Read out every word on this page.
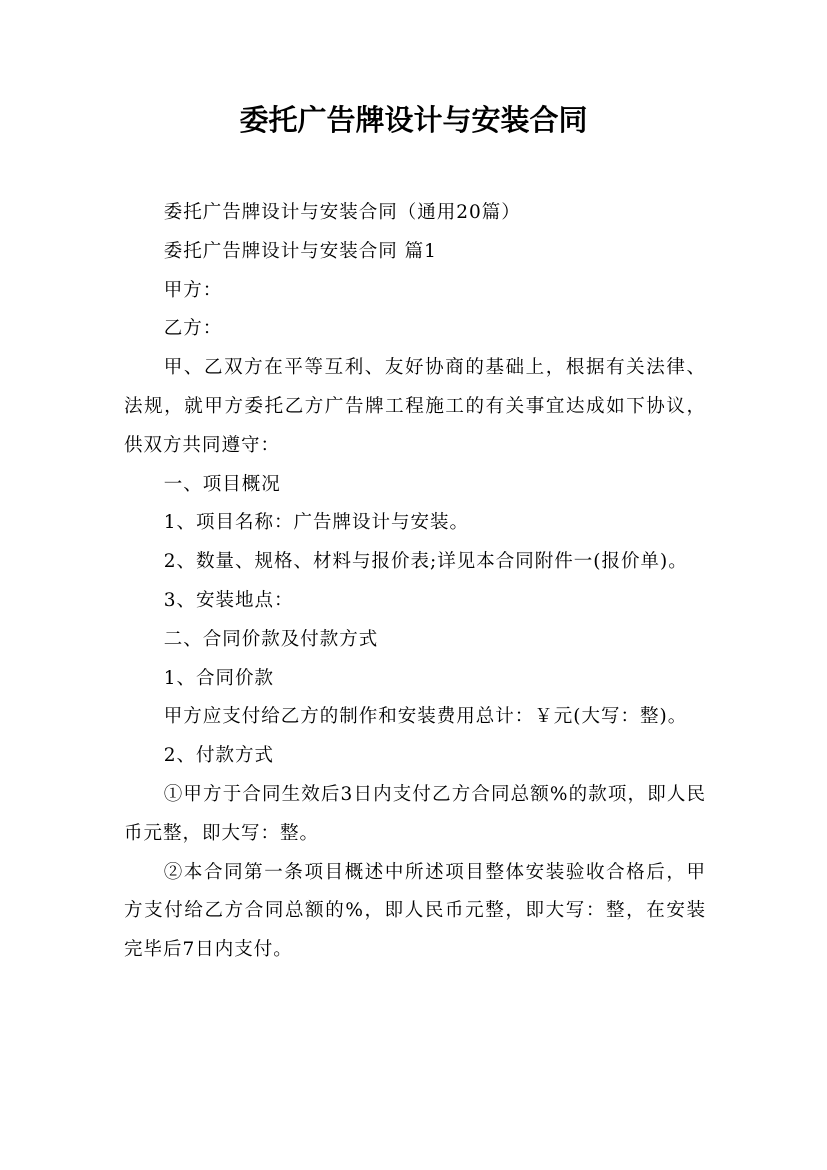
委托广告牌设计与安装合同

委托广告牌设计与安装合同（通用20篇）

委托广告牌设计与安装合同 篇1

甲方：

乙方：

甲、乙双方在平等互利、友好协商的基础上，根据有关法律、法规，就甲方委托乙方广告牌工程施工的有关事宜达成如下协议，供双方共同遵守：

一、项目概况

1、项目名称：广告牌设计与安装。

2、数量、规格、材料与报价表;详见本合同附件一(报价单)。

3、安装地点：

二、合同价款及付款方式

1、合同价款

甲方应支付给乙方的制作和安装费用总计：￥元(大写：整)。

2、付款方式

①甲方于合同生效后3日内支付乙方合同总额%的款项，即人民币元整，即大写：整。

②本合同第一条项目概述中所述项目整体安装验收合格后，甲方支付给乙方合同总额的%，即人民币元整，即大写：整，在安装完毕后7日内支付。
